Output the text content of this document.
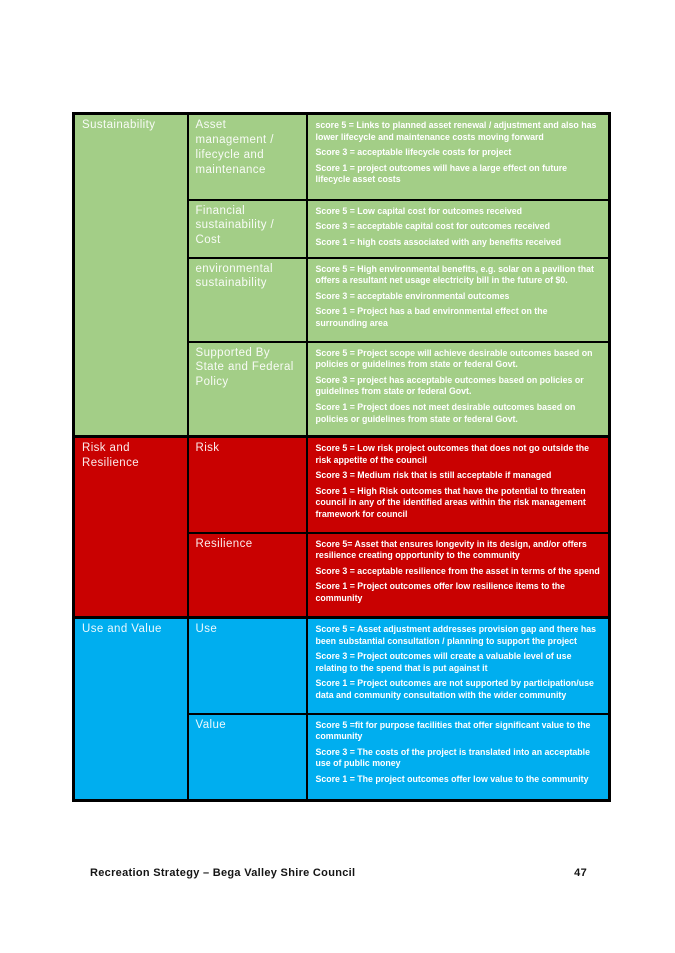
Sustainability	Asset management / lifecycle and maintenance	score 5 = Links to planned asset renewal / adjustment and also has lower lifecycle and maintenance costs moving forward

Score 3 = acceptable lifecycle costs for project

Score 1 = project outcomes will have a large effect on future lifecycle asset costs

	Financial sustainability / Cost	Score 5 = Low capital cost for outcomes received

Score 3 = acceptable capital cost for outcomes received

Score 1 = high costs associated with any benefits received

	environmental sustainability	Score 5 = High environmental benefits, e.g. solar on a pavilion that offers a resultant net usage electricity bill in the future of $0.

Score 3 = acceptable environmental outcomes

Score 1 = Project has a bad environmental effect on the surrounding area

	Supported By State and Federal Policy	Score 5 = Project scope will achieve desirable outcomes based on policies or guidelines from state or federal Govt.

Score 3 = project has acceptable outcomes based on policies or guidelines from state or federal Govt.

Score 1 = Project does not meet desirable outcomes based on policies or guidelines from state or federal Govt.

Risk and Resilience	Risk	Score 5 = Low risk project outcomes that does not go outside the risk appetite of the council

Score 3 = Medium risk that is still acceptable if managed

Score 1 = High Risk outcomes that have the potential to threaten council in any of the identified areas within the risk management framework for council

	Resilience	Score 5= Asset that ensures longevity in its design, and/or offers resilience creating opportunity to the community

Score 3 = acceptable resilience from the asset in terms of the spend

Score 1 = Project outcomes offer low resilience items to the community

Use and Value	Use	Score 5 = Asset adjustment addresses provision gap and there has been substantial consultation / planning to support the project

Score 3 = Project outcomes will create a valuable level of use relating to the spend that is put against it

Score 1 = Project outcomes are not supported by participation/use data and community consultation with the wider community

	Value	Score 5 =fit for purpose facilities that offer significant value to the community

Score 3 = The costs of the project is translated into an acceptable use of public money

Score 1 = The project outcomes offer low value to the community

Recreation Strategy – Bega Valley Shire Council	47
